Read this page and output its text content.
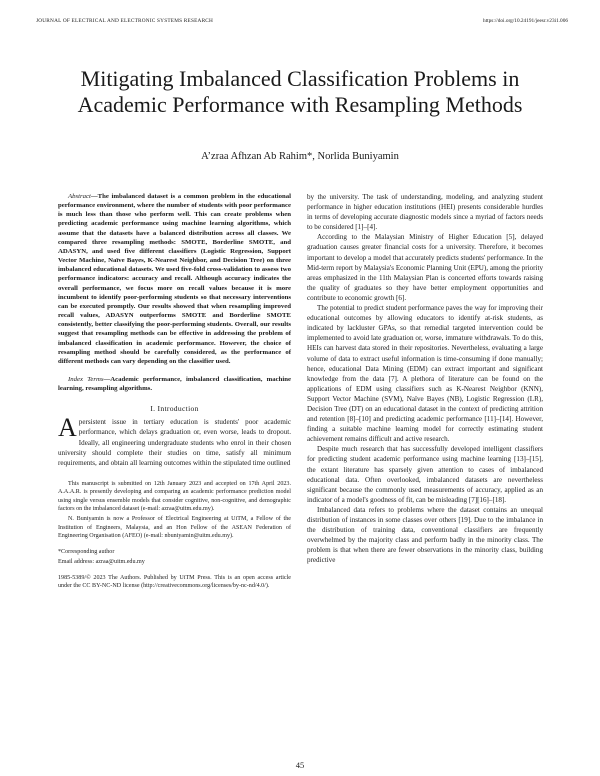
JOURNAL OF ELECTRICAL AND ELECTRONIC SYSTEMS RESEARCH	https://doi.org/10.24191/jeesr.v23i1.006
Mitigating Imbalanced Classification Problems in Academic Performance with Resampling Methods
A’zraa Afhzan Ab Rahim*, Norlida Buniyamin

Abstract—The imbalanced dataset is a common problem in the educational performance environment, where the number of students with poor performance is much less than those who perform well. This can create problems when predicting academic performance using machine learning algorithms, which assume that the datasets have a balanced distribution across all classes. We compared three resampling methods: SMOTE, Borderline SMOTE, and ADASYN, and used five different classifiers (Logistic Regression, Support Vector Machine, Naïve Bayes, K-Nearest Neighbor, and Decision Tree) on three imbalanced educational datasets. We used five-fold cross-validation to assess two performance indicators: accuracy and recall. Although accuracy indicates the overall performance, we focus more on recall values because it is more incumbent to identify poor-performing students so that necessary interventions can be executed promptly. Our results showed that when resampling improved recall values, ADASYN outperforms SMOTE and Borderline SMOTE consistently, better classifying the poor-performing students. Overall, our results suggest that resampling methods can be effective in addressing the problem of imbalanced classification in academic performance. However, the choice of resampling method should be carefully considered, as the performance of different methods can vary depending on the classifier used.

Index Terms—Academic performance, imbalanced classification, machine learning, resampling algorithms.

I. Introduction

A persistent issue in tertiary education is students' poor academic performance, which delays graduation or, even worse, leads to dropout. Ideally, all engineering undergraduate students who enrol in their chosen university should complete their studies on time, satisfy all minimum requirements, and obtain all learning outcomes within the stipulated time outlined

This manuscript is submitted on 12th January 2023 and accepted on 17th April 2023. A.A.A.R. is presently developing and comparing an academic performance prediction model using single versus ensemble models that consider cognitive, non-cognitive, and demographic factors on the imbalanced dataset (e-mail: azraa@uitm.edu.my).

N. Buniyamin is now a Professor of Electrical Engineering at UiTM, a Fellow of the Institution of Engineers, Malaysia, and an Hon Fellow of the ASEAN Federation of Engineering Organisation (AFEO) (e-mail: nbuniyamin@uitm.edu.my).

*Corresponding author

Email address: azraa@uitm.edu.my

1985-5389/© 2023 The Authors. Published by UiTM Press. This is an open access article under the CC BY-NC-ND license (http://creativecommons.org/licenses/by-nc-nd/4.0/).

by the university. The task of understanding, modeling, and analyzing student performance in higher education institutions (HEI) presents considerable hurdles in terms of developing accurate diagnostic models since a myriad of factors needs to be considered [1]–[4].

According to the Malaysian Ministry of Higher Education [5], delayed graduation causes greater financial costs for a university. Therefore, it becomes important to develop a model that accurately predicts students' performance. In the Mid-term report by Malaysia's Economic Planning Unit (EPU), among the priority areas emphasized in the 11th Malaysian Plan is concerted efforts towards raising the quality of graduates so they have better employment opportunities and contribute to economic growth [6].

The potential to predict student performance paves the way for improving their educational outcomes by allowing educators to identify at-risk students, as indicated by lackluster GPAs, so that remedial targeted intervention could be implemented to avoid late graduation or, worse, immature withdrawals. To do this, HEIs can harvest data stored in their repositories. Nevertheless, evaluating a large volume of data to extract useful information is time-consuming if done manually; hence, educational Data Mining (EDM) can extract important and significant knowledge from the data [7]. A plethora of literature can be found on the applications of EDM using classifiers such as K-Nearest Neighbor (KNN), Support Vector Machine (SVM), Naïve Bayes (NB), Logistic Regression (LR), Decision Tree (DT) on an educational dataset in the context of predicting attrition and retention [8]–[10] and predicting academic performance [11]–[14]. However, finding a suitable machine learning model for correctly estimating student achievement remains difficult and active research.

Despite much research that has successfully developed intelligent classifiers for predicting student academic performance using machine learning [13]–[15], the extant literature has sparsely given attention to cases of imbalanced educational data. Often overlooked, imbalanced datasets are nevertheless significant because the commonly used measurements of accuracy, applied as an indicator of a model's goodness of fit, can be misleading [7][16]–[18].

Imbalanced data refers to problems where the dataset contains an unequal distribution of instances in some classes over others [19]. Due to the imbalance in the distribution of training data, conventional classifiers are frequently overwhelmed by the majority class and perform badly in the minority class. The problem is that when there are fewer observations in the minority class, building predictive

45
